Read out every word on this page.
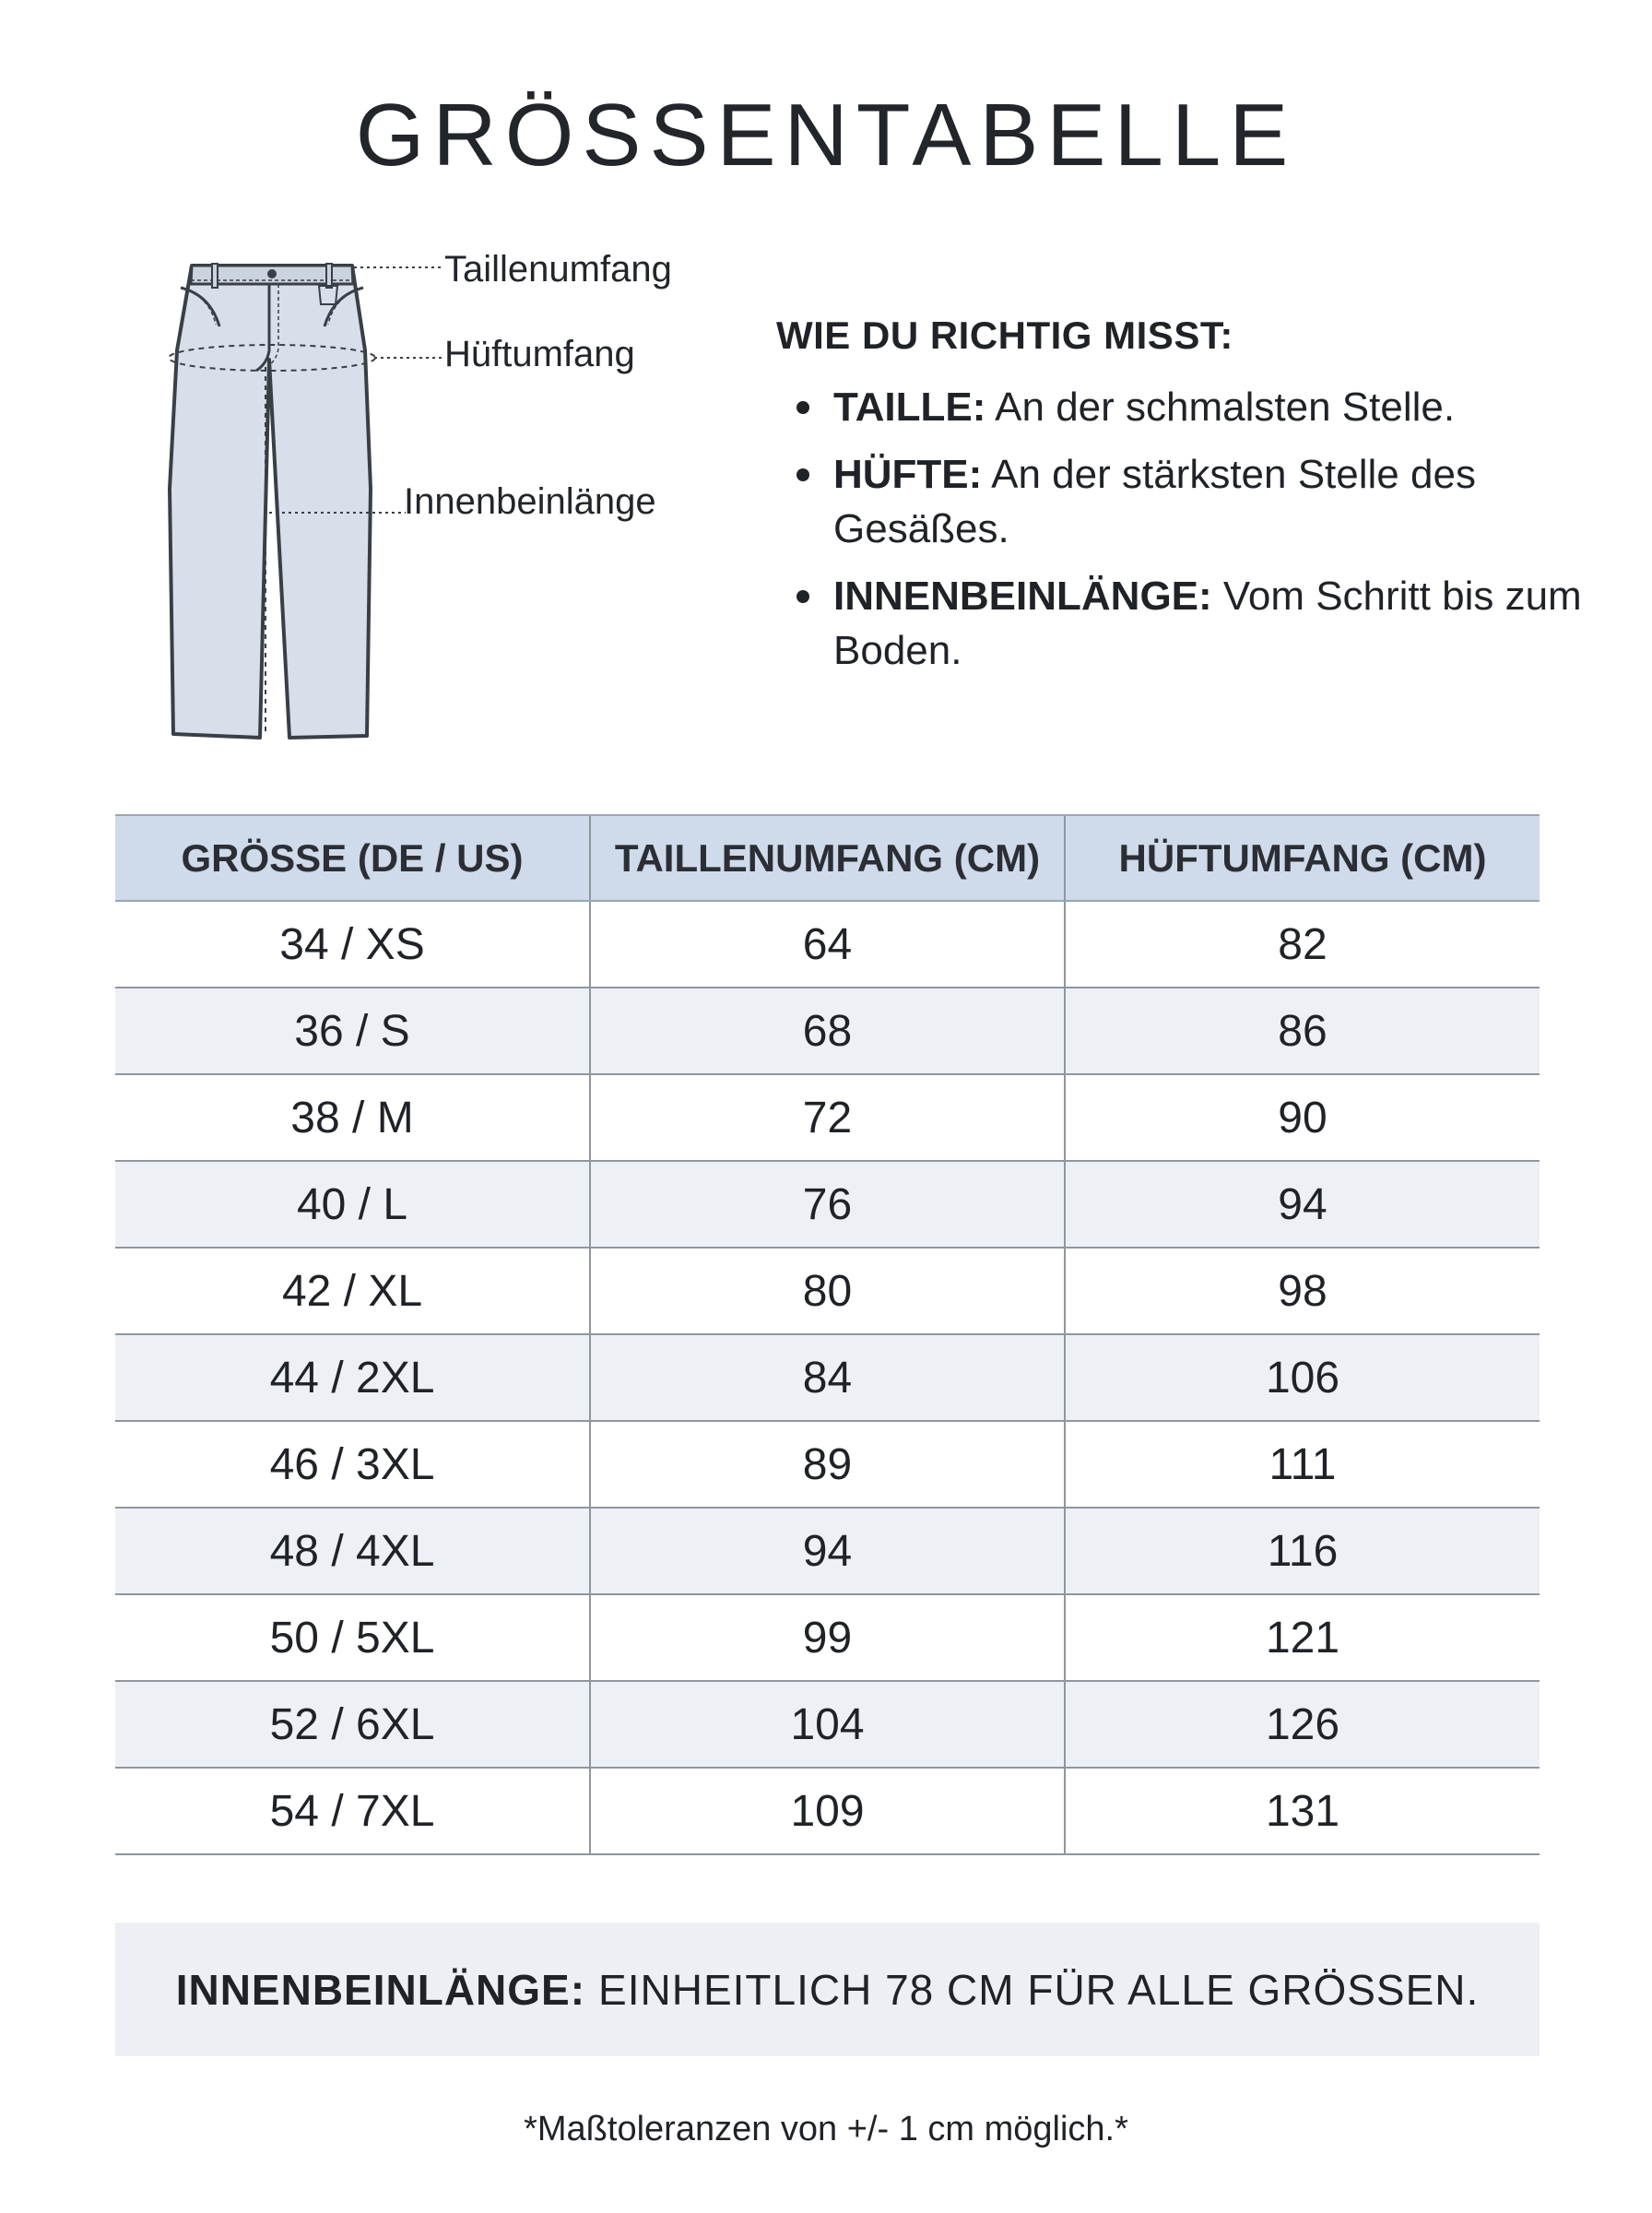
GRÖSSENTABELLE
Taillenumfang
Hüftumfang
Innenbeinlänge
WIE DU RICHTIG MISST:
TAILLE: An der schmalsten Stelle.
HÜFTE: An der stärksten Stelle des Gesäßes.
INNENBEINLÄNGE: Vom Schritt bis zum Boden.
GRÖSSE (DE / US)	TAILLENUMFANG (CM)	HÜFTUMFANG (CM)
34 / XS	64	82
36 / S	68	86
38 / M	72	90
40 / L	76	94
42 / XL	80	98
44 / 2XL	84	106
46 / 3XL	89	111
48 / 4XL	94	116
50 / 5XL	99	121
52 / 6XL	104	126
54 / 7XL	109	131
INNENBEINLÄNGE: EINHEITLICH 78 CM FÜR ALLE GRÖSSEN.
*Maßtoleranzen von +/- 1 cm möglich.*
